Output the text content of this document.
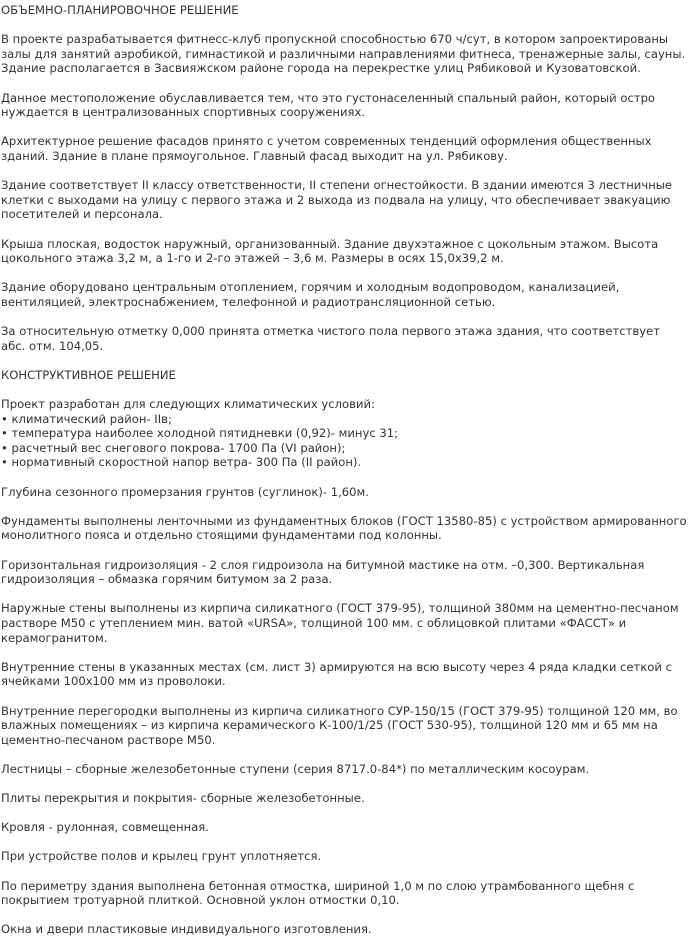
ОБЪЕМНО-ПЛАНИРОВОЧНОЕ РЕШЕНИЕ

В проекте разрабатывается фитнесс-клуб пропускной способностью 670 ч/сут, в котором запроектированы залы для занятий аэробикой, гимнастикой и различными направлениями фитнеса, тренажерные залы, сауны. Здание располагается в Засвияжском районе города на перекрестке улиц Рябиковой и Кузоватовской.

Данное местоположение обуславливается тем, что это густонаселенный спальный район, который остро нуждается в централизованных спортивных сооружениях.

Архитектурное решение фасадов принято с учетом современных тенденций оформления общественных зданий. Здание в плане прямоугольное. Главный фасад выходит на ул. Рябикову.

Здание соответствует II классу ответственности, II степени огнестойкости. В здании имеются 3 лестничные клетки с выходами на улицу с первого этажа и 2 выхода из подвала на улицу, что обеспечивает эвакуацию посетителей и персонала.

Крыша плоская, водосток наружный, организованный. Здание двухэтажное с цокольным этажом. Высота цокольного этажа 3,2 м, а 1-го и 2-го этажей – 3,6 м. Размеры в осях 15,0х39,2 м.

Здание оборудовано центральным отоплением, горячим и холодным водопроводом, канализацией, вентиляцией, электроснабжением, телефонной и радиотрансляционной сетью.

За относительную отметку 0,000 принята отметка чистого пола первого этажа здания, что соответствует абс. отм. 104,05.

КОНСТРУКТИВНОЕ РЕШЕНИЕ
Проект разработан для следующих климатических условий:
• климатический район- IIв;
• температура наиболее холодной пятидневки (0,92)- минус 31;
• расчетный вес снегового покрова- 1700 Па (VI район);
• нормативный скоростной напор ветра- 300 Па (II район).

Глубина сезонного промерзания грунтов (суглинок)- 1,60м.

Фундаменты выполнены ленточными из фундаментных блоков (ГОСТ 13580-85) с устройством армированного монолитного пояса и отдельно стоящими фундаментами под колонны.

Горизонтальная гидроизоляция - 2 слоя гидроизола на битумной мастике на отм. –0,300. Вертикальная гидроизоляция – обмазка горячим битумом за 2 раза.

Наружные стены выполнены из кирпича силикатного (ГОСТ 379-95), толщиной 380мм на цементно-песчаном растворе М50 с утеплением мин. ватой «URSA», толщиной 100 мм. с облицовкой плитами «ФАССТ» и керамогранитом.

Внутренние стены в указанных местах (см. лист 3) армируются на всю высоту через 4 ряда кладки сеткой с ячейками 100х100 мм из проволоки.

Внутренние перегородки выполнены из кирпича силикатного СУР-150/15 (ГОСТ 379-95) толщиной 120 мм, во влажных помещениях – из кирпича керамического К-100/1/25 (ГОСТ 530-95), толщиной 120 мм и 65 мм на цементно-песчаном растворе М50.

Лестницы – сборные железобетонные ступени (серия 8717.0-84*) по металлическим косоурам.

Плиты перекрытия и покрытия- сборные железобетонные.

Кровля - рулонная, совмещенная.

При устройстве полов и крылец грунт уплотняется.

По периметру здания выполнена бетонная отмостка, шириной 1,0 м по слою утрамбованного щебня с покрытием тротуарной плиткой. Основной уклон отмостки 0,10.

Окна и двери пластиковые индивидуального изготовления.
